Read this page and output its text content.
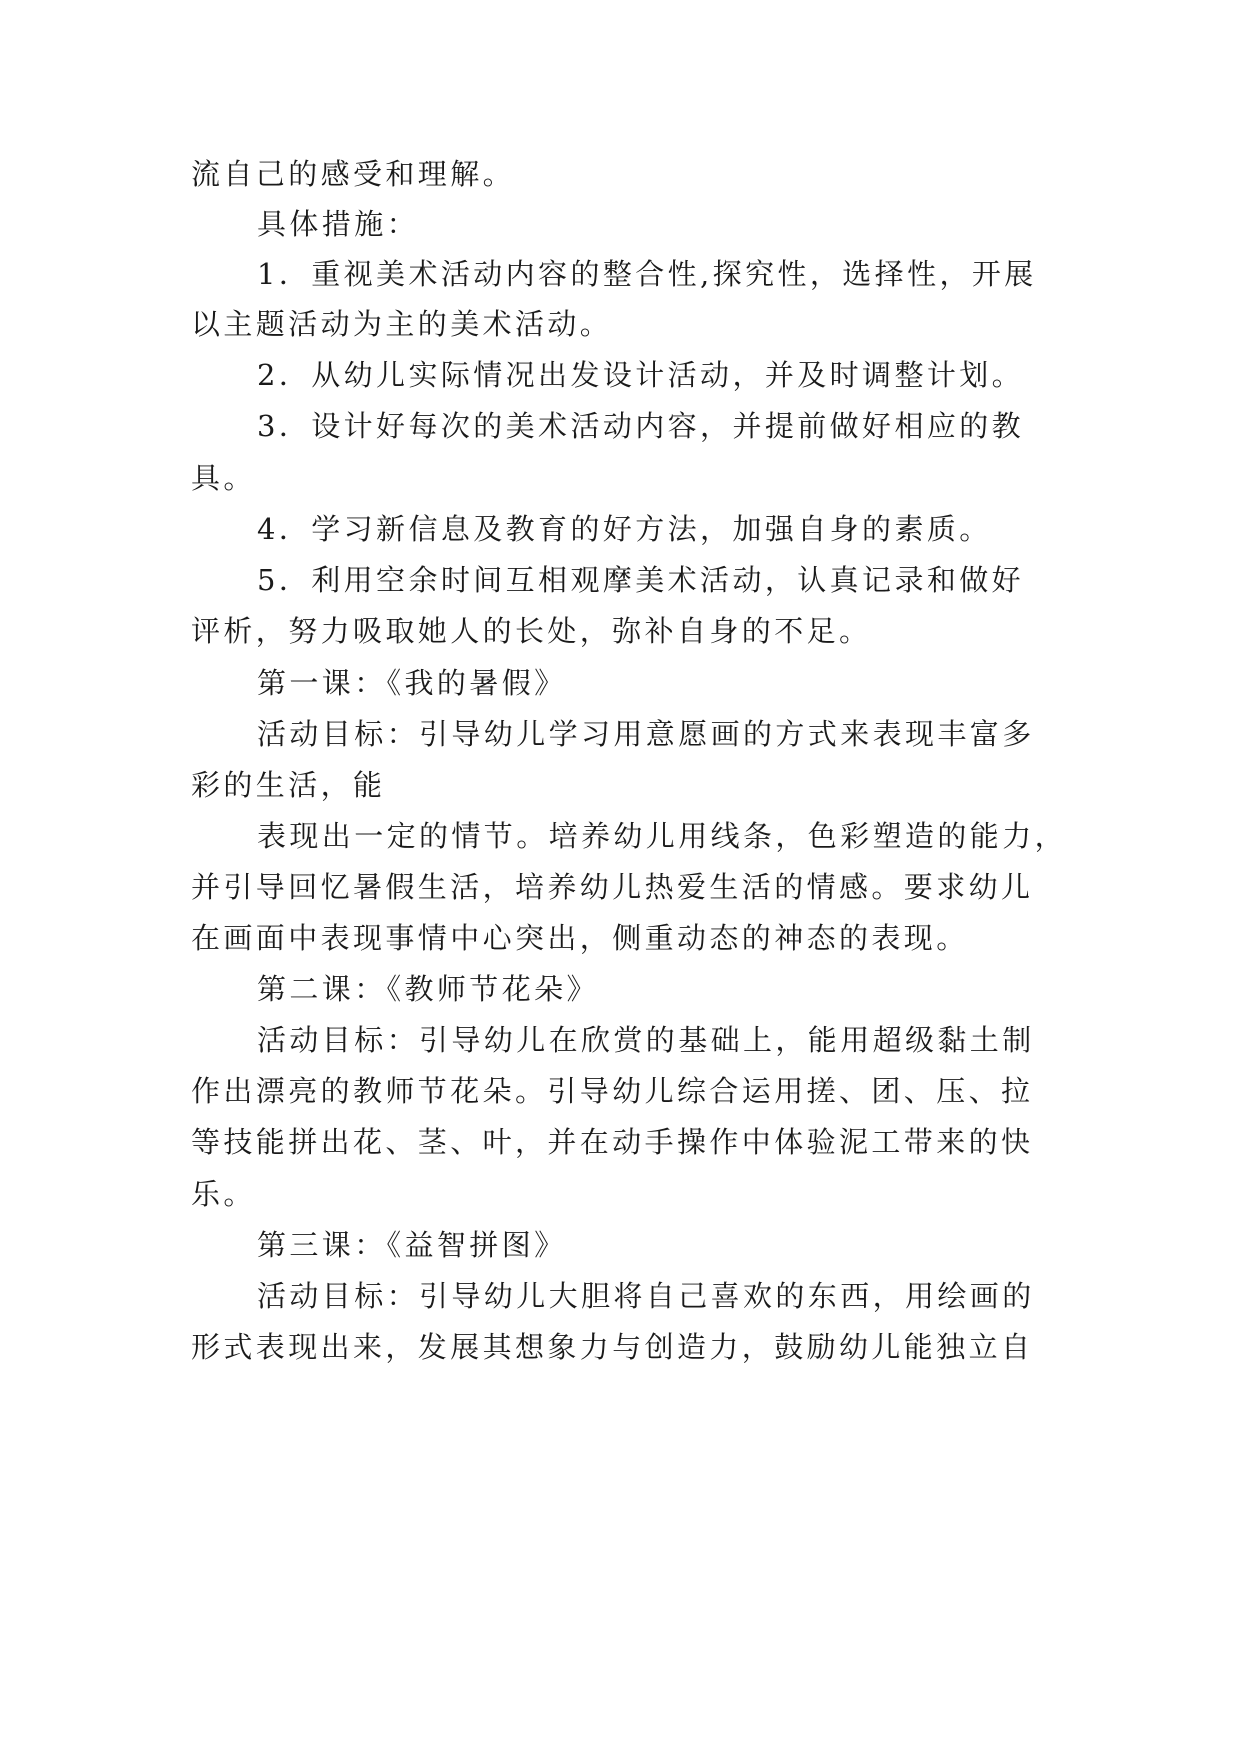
流自己的感受和理解。
具体措施：
1．重视美术活动内容的整合性,探究性，选择性，开展
以主题活动为主的美术活动。
2．从幼儿实际情况出发设计活动，并及时调整计划。
3．设计好每次的美术活动内容，并提前做好相应的教
具。
4．学习新信息及教育的好方法，加强自身的素质。
5．利用空余时间互相观摩美术活动，认真记录和做好
评析，努力吸取她人的长处，弥补自身的不足。
第一课：《我的暑假》
活动目标：引导幼儿学习用意愿画的方式来表现丰富多
彩的生活，能
表现出一定的情节。培养幼儿用线条，色彩塑造的能力，
并引导回忆暑假生活，培养幼儿热爱生活的情感。要求幼儿
在画面中表现事情中心突出，侧重动态的神态的表现。
第二课：《教师节花朵》
活动目标：引导幼儿在欣赏的基础上，能用超级黏土制
作出漂亮的教师节花朵。引导幼儿综合运用搓、团、压、拉
等技能拼出花、茎、叶，并在动手操作中体验泥工带来的快
乐。
第三课：《益智拼图》
活动目标：引导幼儿大胆将自己喜欢的东西，用绘画的
形式表现出来，发展其想象力与创造力，鼓励幼儿能独立自
